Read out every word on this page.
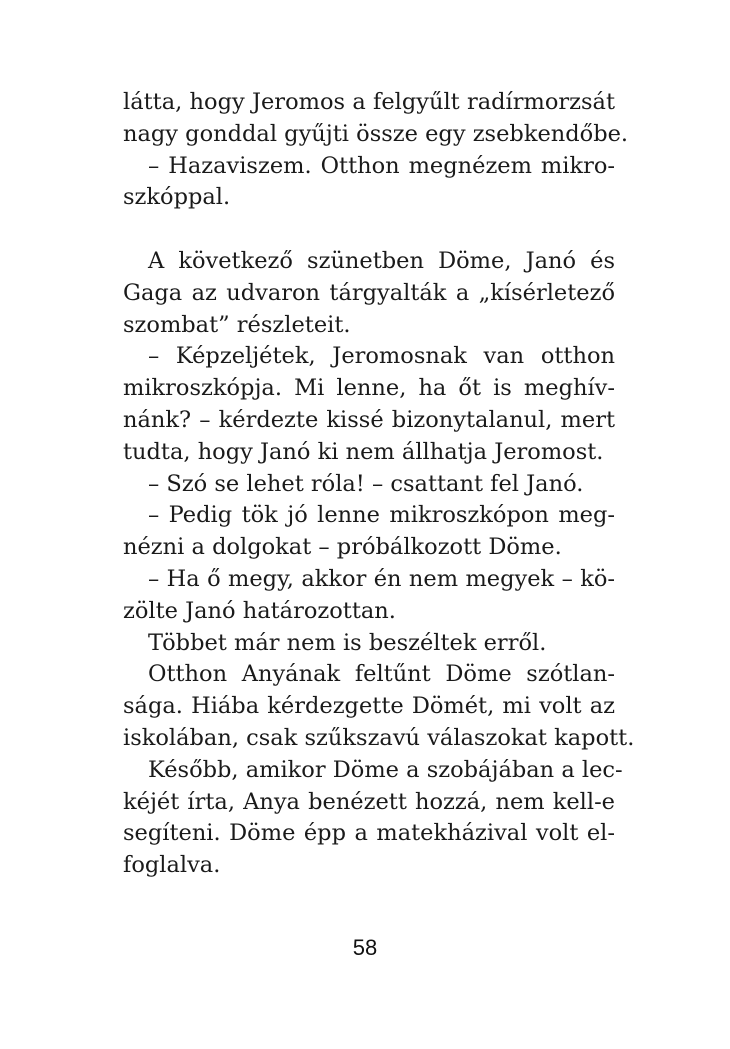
látta, hogy Jeromos a felgyűlt radírmorzsát
nagy gonddal gyűjti össze egy zsebkendőbe.
– Hazaviszem. Otthon megnézem mikro-
szkóppal.
A következő szünetben Döme, Janó és
Gaga az udvaron tárgyalták a „kísérletező
szombat” részleteit.
– Képzeljétek, Jeromosnak van otthon
mikroszkópja. Mi lenne, ha őt is meghív-
nánk? – kérdezte kissé bizonytalanul, mert
tudta, hogy Janó ki nem állhatja Jeromost.
– Szó se lehet róla! – csattant fel Janó.
– Pedig tök jó lenne mikroszkópon meg-
nézni a dolgokat – próbálkozott Döme.
– Ha ő megy, akkor én nem megyek – kö-
zölte Janó határozottan.
Többet már nem is beszéltek erről.
Otthon Anyának feltűnt Döme szótlan-
sága. Hiába kérdezgette Dömét, mi volt az
iskolában, csak szűkszavú válaszokat kapott.
Később, amikor Döme a szobájában a lec-
kéjét írta, Anya benézett hozzá, nem kell-e
segíteni. Döme épp a matekházival volt el-
foglalva.
58
